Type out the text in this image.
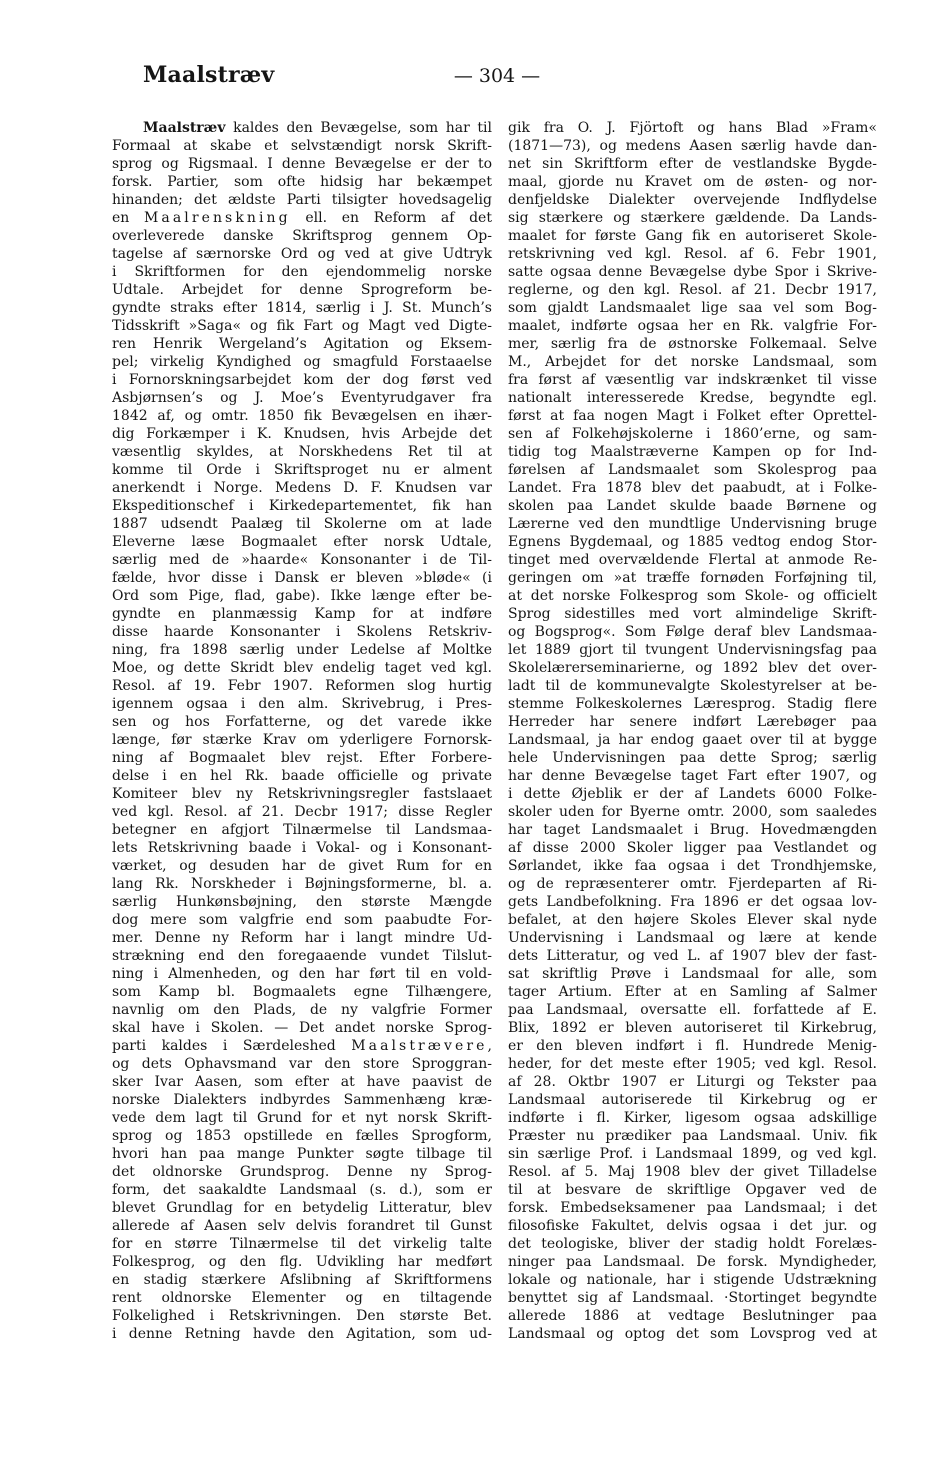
Maalstræv	— 304 —
Maalstræv kaldes den Bevægelse, som har til
Formaal at skabe et selvstændigt norsk Skrift-
sprog og Rigsmaal. I denne Bevægelse er der to
forsk. Partier, som ofte hidsig har bekæmpet
hinanden; det ældste Parti tilsigter hovedsagelig
en Maalrenskning ell. en Reform af det
overleverede danske Skriftsprog gennem Op-
tagelse af særnorske Ord og ved at give Udtryk
i Skriftformen for den ejendommelig norske
Udtale. Arbejdet for denne Sprogreform be-
gyndte straks efter 1814, særlig i J. St. Munch’s
Tidsskrift »Saga« og fik Fart og Magt ved Digte-
ren Henrik Wergeland’s Agitation og Eksem-
pel; virkelig Kyndighed og smagfuld Forstaaelse
i Fornorskningsarbejdet kom der dog først ved
Asbjørnsen’s og J. Moe’s Eventyrudgaver fra
1842 af, og omtr. 1850 fik Bevægelsen en ihær-
dig Forkæmper i K. Knudsen, hvis Arbejde det
væsentlig skyldes, at Norskhedens Ret til at
komme til Orde i Skriftsproget nu er alment
anerkendt i Norge. Medens D. F. Knudsen var
Ekspeditionschef i Kirkedepartementet, fik han
1887 udsendt Paalæg til Skolerne om at lade
Eleverne læse Bogmaalet efter norsk Udtale,
særlig med de »haarde« Konsonanter i de Til-
fælde, hvor disse i Dansk er bleven »bløde« (i
Ord som Pige, flad, gabe). Ikke længe efter be-
gyndte en planmæssig Kamp for at indføre
disse haarde Konsonanter i Skolens Retskriv-
ning, fra 1898 særlig under Ledelse af Moltke
Moe, og dette Skridt blev endelig taget ved kgl.
Resol. af 19. Febr 1907. Reformen slog hurtig
igennem ogsaa i den alm. Skrivebrug, i Pres-
sen og hos Forfatterne, og det varede ikke
længe, før stærke Krav om yderligere Fornorsk-
ning af Bogmaalet blev rejst. Efter Forbere-
delse i en hel Rk. baade officielle og private
Komiteer blev ny Retskrivningsregler fastslaaet
ved kgl. Resol. af 21. Decbr 1917; disse Regler
betegner en afgjort Tilnærmelse til Landsmaa-
lets Retskrivning baade i Vokal- og i Konsonant-
værket, og desuden har de givet Rum for en
lang Rk. Norskheder i Bøjningsformerne, bl. a.
særlig Hunkønsbøjning, den største Mængde
dog mere som valgfrie end som paabudte For-
mer. Denne ny Reform har i langt mindre Ud-
strækning end den foregaaende vundet Tilslut-
ning i Almenheden, og den har ført til en vold-
som Kamp bl. Bogmaalets egne Tilhængere,
navnlig om den Plads, de ny valgfrie Former
skal have i Skolen. — Det andet norske Sprog-
parti kaldes i Særdeleshed Maalstrævere,
og dets Ophavsmand var den store Sproggran-
sker Ivar Aasen, som efter at have paavist de
norske Dialekters indbyrdes Sammenhæng kræ-
vede dem lagt til Grund for et nyt norsk Skrift-
sprog og 1853 opstillede en fælles Sprogform,
hvori han paa mange Punkter søgte tilbage til
det oldnorske Grundsprog. Denne ny Sprog-
form, det saakaldte Landsmaal (s. d.), som er
blevet Grundlag for en betydelig Litteratur, blev
allerede af Aasen selv delvis forandret til Gunst
for en større Tilnærmelse til det virkelig talte
Folkesprog, og den flg. Udvikling har medført
en stadig stærkere Afslibning af Skriftformens
rent oldnorske Elementer og en tiltagende
Folkelighed i Retskrivningen. Den største Bet.
i denne Retning havde den Agitation, som ud-
gik fra O. J. Fjörtoft og hans Blad »Fram«
(1871—73), og medens Aasen særlig havde dan-
net sin Skriftform efter de vestlandske Bygde-
maal, gjorde nu Kravet om de østen- og nor-
denfjeldske Dialekter overvejende Indflydelse
sig stærkere og stærkere gældende. Da Lands-
maalet for første Gang fik en autoriseret Skole-
retskrivning ved kgl. Resol. af 6. Febr 1901,
satte ogsaa denne Bevægelse dybe Spor i Skrive-
reglerne, og den kgl. Resol. af 21. Decbr 1917,
som gjaldt Landsmaalet lige saa vel som Bog-
maalet, indførte ogsaa her en Rk. valgfrie For-
mer, særlig fra de østnorske Folkemaal. Selve
M., Arbejdet for det norske Landsmaal, som
fra først af væsentlig var indskrænket til visse
nationalt interesserede Kredse, begyndte egl.
først at faa nogen Magt i Folket efter Oprettel-
sen af Folkehøjskolerne i 1860’erne, og sam-
tidig tog Maalstræverne Kampen op for Ind-
førelsen af Landsmaalet som Skolesprog paa
Landet. Fra 1878 blev det paabudt, at i Folke-
skolen paa Landet skulde baade Børnene og
Lærerne ved den mundtlige Undervisning bruge
Egnens Bygdemaal, og 1885 vedtog endog Stor-
tinget med overvældende Flertal at anmode Re-
geringen om »at træffe fornøden Forføjning til,
at det norske Folkesprog som Skole- og officielt
Sprog sidestilles med vort almindelige Skrift-
og Bogsprog«. Som Følge deraf blev Landsmaa-
let 1889 gjort til tvungent Undervisningsfag paa
Skolelærerseminarierne, og 1892 blev det over-
ladt til de kommunevalgte Skolestyrelser at be-
stemme Folkeskolernes Læresprog. Stadig flere
Herreder har senere indført Lærebøger paa
Landsmaal, ja har endog gaaet over til at bygge
hele Undervisningen paa dette Sprog; særlig
har denne Bevægelse taget Fart efter 1907, og
i dette Øjeblik er der af Landets 6000 Folke-
skoler uden for Byerne omtr. 2000, som saaledes
har taget Landsmaalet i Brug. Hovedmængden
af disse 2000 Skoler ligger paa Vestlandet og
Sørlandet, ikke faa ogsaa i det Trondhjemske,
og de repræsenterer omtr. Fjerdeparten af Ri-
gets Landbefolkning. Fra 1896 er det ogsaa lov-
befalet, at den højere Skoles Elever skal nyde
Undervisning i Landsmaal og lære at kende
dets Litteratur, og ved L. af 1907 blev der fast-
sat skriftlig Prøve i Landsmaal for alle, som
tager Artium. Efter at en Samling af Salmer
paa Landsmaal, oversatte ell. forfattede af E.
Blix, 1892 er bleven autoriseret til Kirkebrug,
er den bleven indført i fl. Hundrede Menig-
heder, for det meste efter 1905; ved kgl. Resol.
af 28. Oktbr 1907 er Liturgi og Tekster paa
Landsmaal autoriserede til Kirkebrug og er
indførte i fl. Kirker, ligesom ogsaa adskillige
Præster nu prædiker paa Landsmaal. Univ. fik
sin særlige Prof. i Landsmaal 1899, og ved kgl.
Resol. af 5. Maj 1908 blev der givet Tilladelse
til at besvare de skriftlige Opgaver ved de
forsk. Embedseksamener paa Landsmaal; i det
filosofiske Fakultet, delvis ogsaa i det jur. og
det teologiske, bliver der stadig holdt Forelæs-
ninger paa Landsmaal. De forsk. Myndigheder,
lokale og nationale, har i stigende Udstrækning
benyttet sig af Landsmaal. ·Stortinget begyndte
allerede 1886 at vedtage Beslutninger paa
Landsmaal og optog det som Lovsprog ved at
